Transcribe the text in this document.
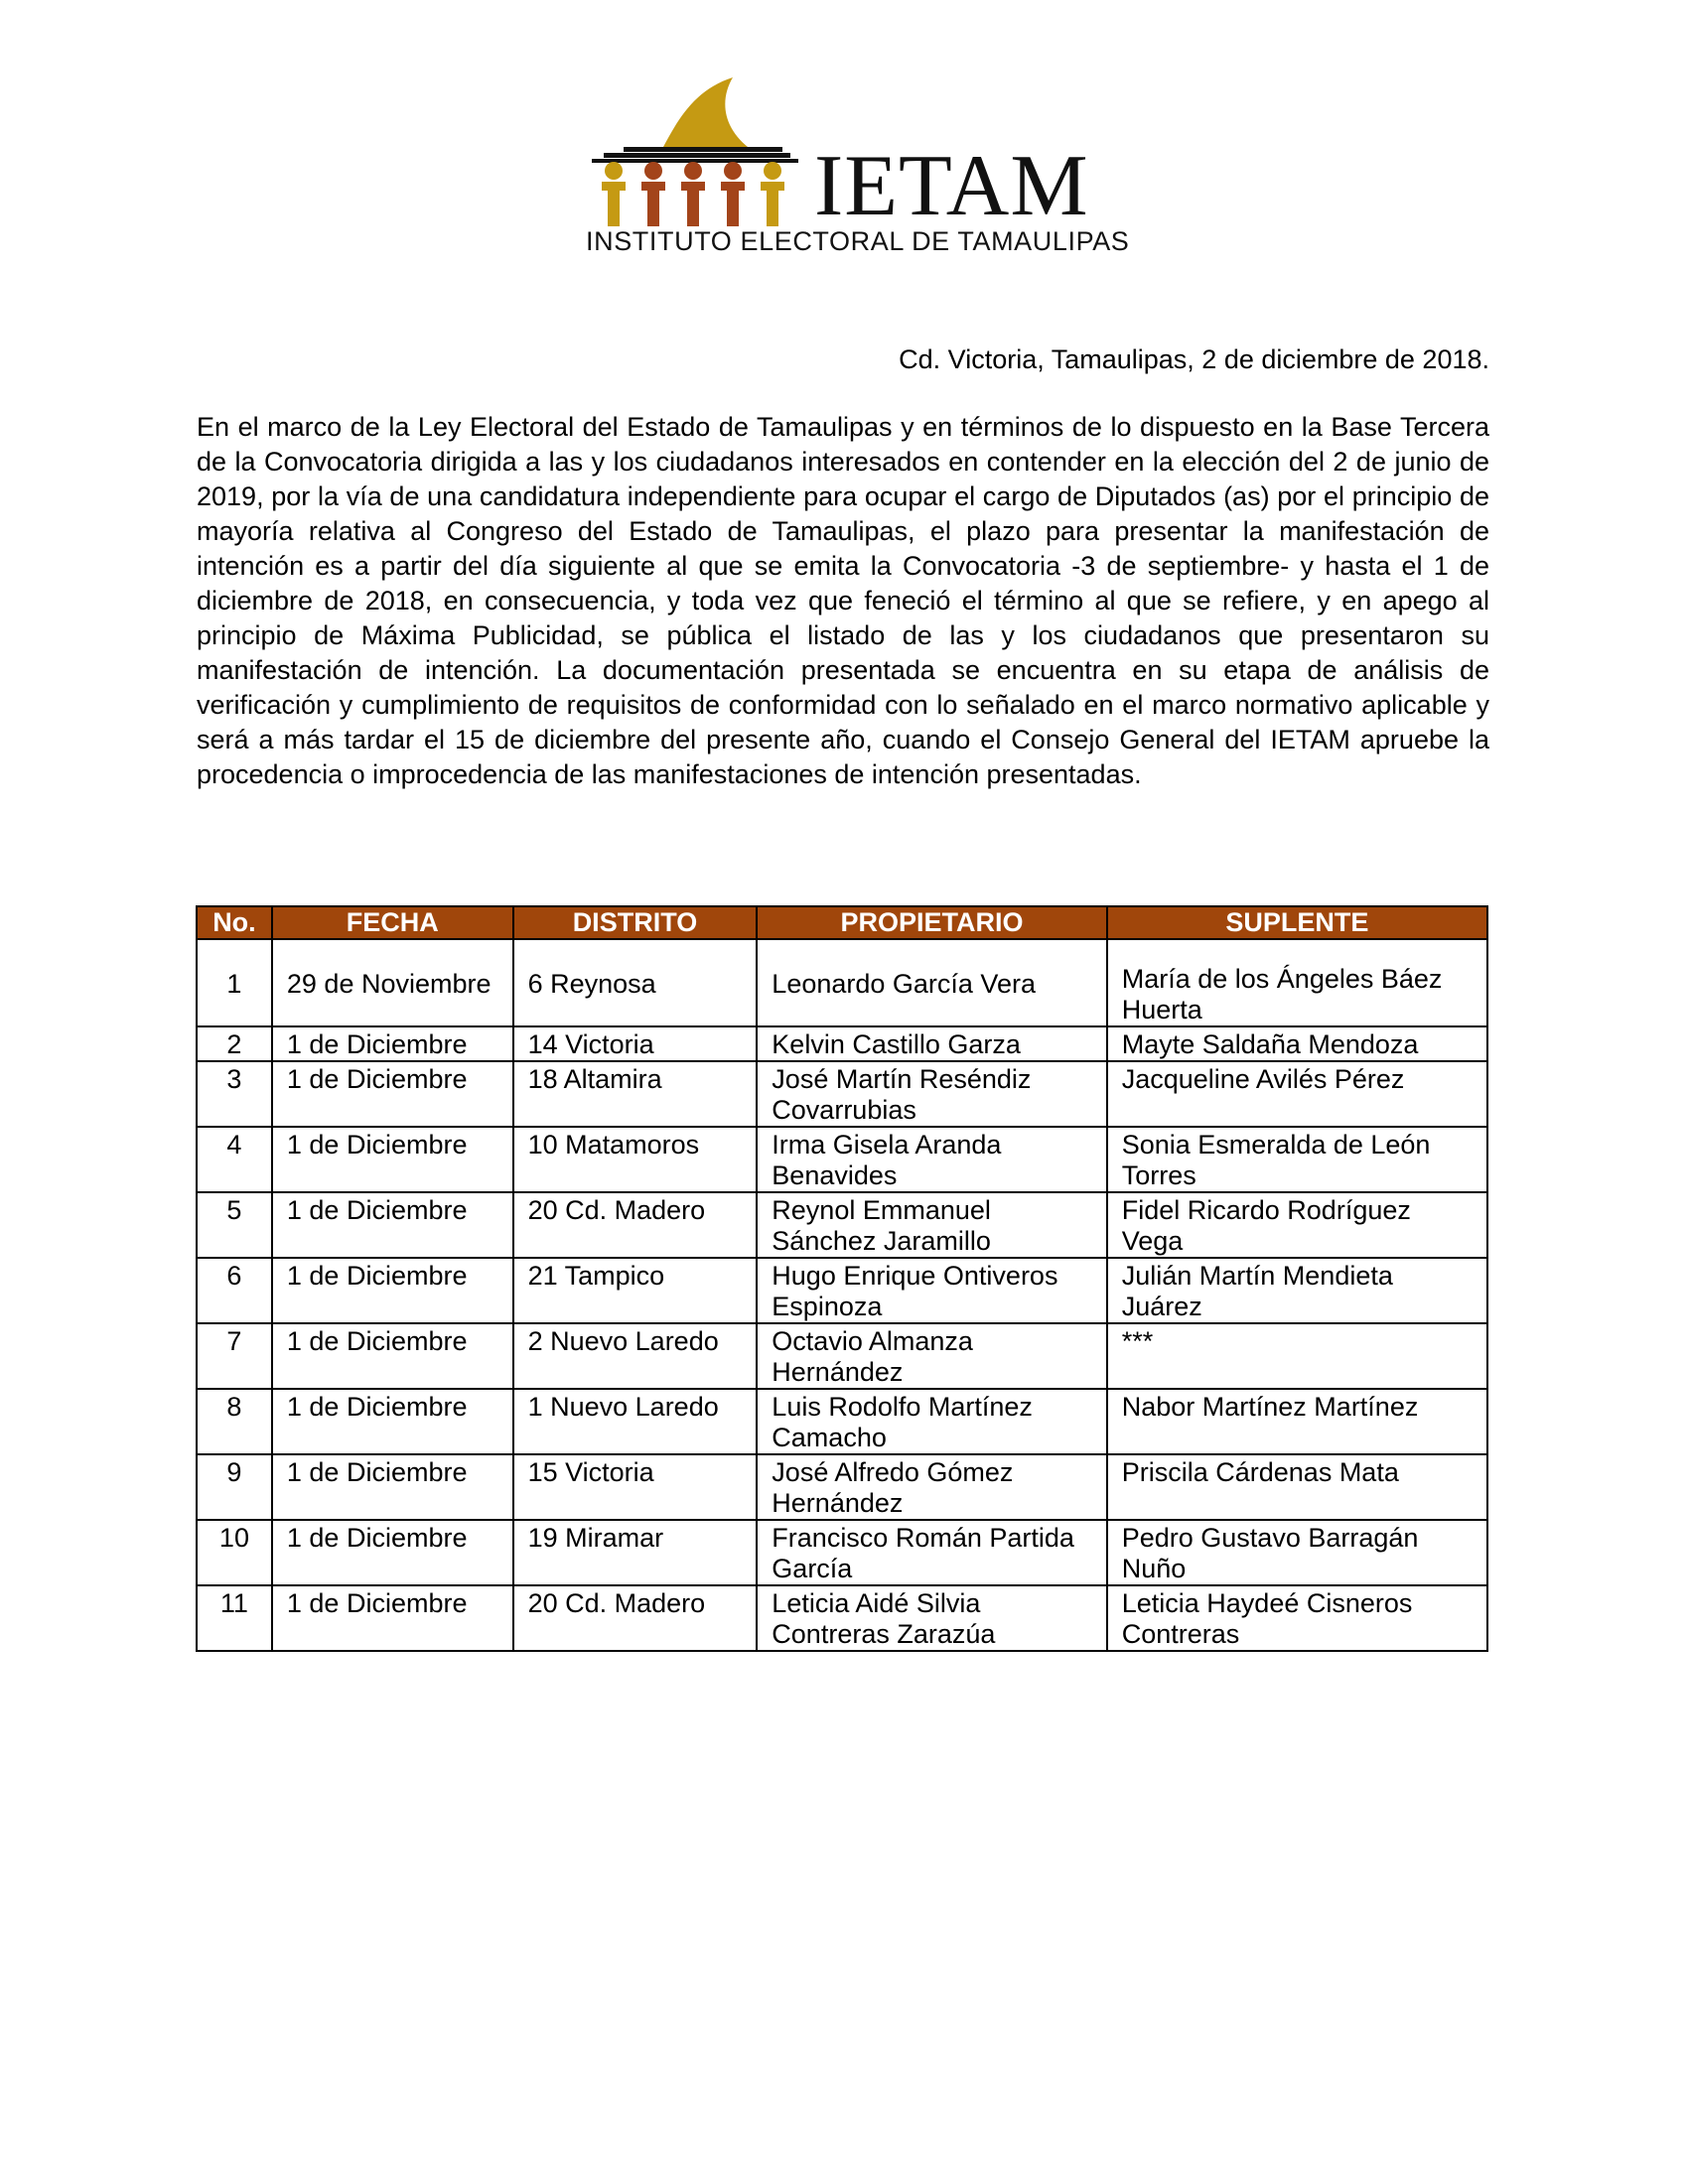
IETAM
INSTITUTO ELECTORAL DE TAMAULIPAS
Cd. Victoria, Tamaulipas, 2 de diciembre de 2018.

En el marco de la Ley Electoral del Estado de Tamaulipas y en términos de lo dispuesto en la Base Tercera de la Convocatoria dirigida a las y los ciudadanos interesados en contender en la elección del 2 de junio de 2019, por la vía de una candidatura independiente para ocupar el cargo de Diputados (as) por el principio de mayoría relativa al Congreso del Estado de Tamaulipas, el plazo para presentar la manifestación de intención es a partir del día siguiente al que se emita la Convocatoria -3 de septiembre- y hasta el 1 de diciembre de 2018, en consecuencia, y toda vez que feneció el término al que se refiere, y en apego al principio de Máxima Publicidad, se pública el listado de las y los ciudadanos que presentaron su manifestación de intención. La documentación presentada se encuentra en su etapa de análisis de verificación y cumplimiento de requisitos de conformidad con lo señalado en el marco normativo aplicable y será a más tardar el 15 de diciembre del presente año, cuando el Consejo General del IETAM apruebe la procedencia o improcedencia de las manifestaciones de intención presentadas.

No.	FECHA	DISTRITO	PROPIETARIO	SUPLENTE
1	29 de Noviembre	6 Reynosa	Leonardo García Vera	María de los Ángeles Báez Huerta
2	1 de Diciembre	14 Victoria	Kelvin Castillo Garza	Mayte Saldaña Mendoza
3	1 de Diciembre	18 Altamira	José Martín Reséndiz Covarrubias	Jacqueline Avilés Pérez
4	1 de Diciembre	10 Matamoros	Irma Gisela Aranda Benavides	Sonia Esmeralda de León Torres
5	1 de Diciembre	20 Cd. Madero	Reynol Emmanuel Sánchez Jaramillo	Fidel Ricardo Rodríguez Vega
6	1 de Diciembre	21 Tampico	Hugo Enrique Ontiveros Espinoza	Julián Martín Mendieta Juárez
7	1 de Diciembre	2 Nuevo Laredo	Octavio Almanza Hernández	***
8	1 de Diciembre	1 Nuevo Laredo	Luis Rodolfo Martínez Camacho	Nabor Martínez Martínez
9	1 de Diciembre	15 Victoria	José Alfredo Gómez Hernández	Priscila Cárdenas Mata
10	1 de Diciembre	19 Miramar	Francisco Román Partida García	Pedro Gustavo Barragán Nuño
11	1 de Diciembre	20 Cd. Madero	Leticia Aidé Silvia Contreras Zarazúa	Leticia Haydeé Cisneros Contreras
